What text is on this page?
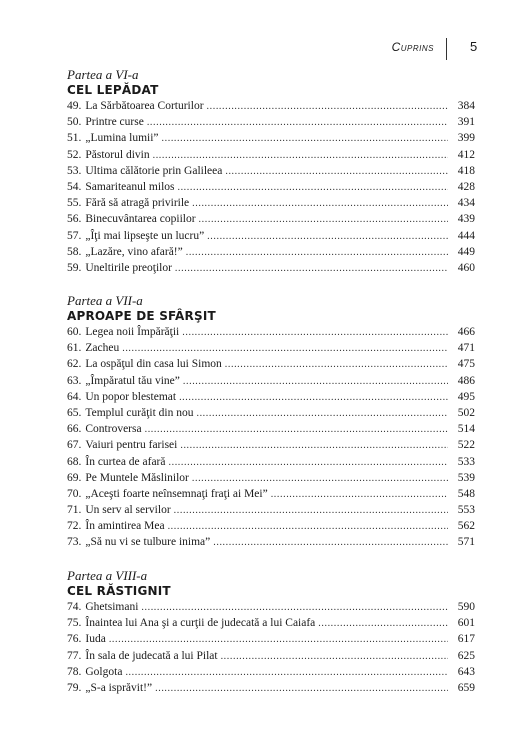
Cuprins	5
Partea a VI-a
CEL LEPĂDAT
49. La Sărbătoarea Corturilor .....	384
50. Printre curse .....	391
51. „Lumina lumii” .....	399
52. Păstorul divin .....	412
53. Ultima călătorie prin Galileea .....	418
54. Samariteanul milos .....	428
55. Fără să atragă privirile .....	434
56. Binecuvântarea copiilor .....	439
57. „Îţi mai lipseşte un lucru” .....	444
58. „Lazăre, vino afară!” .....	449
59. Uneltirile preoţilor .....	460
Partea a VII-a
APROAPE DE SFÂRŞIT
60. Legea noii Împărăţii .....	466
61. Zacheu .....	471
62. La ospăţul din casa lui Simon .....	475
63. „Împăratul tău vine” .....	486
64. Un popor blestemat .....	495
65. Templul curăţit din nou .....	502
66. Controversa .....	514
67. Vaiuri pentru farisei .....	522
68. În curtea de afară .....	533
69. Pe Muntele Măslinilor .....	539
70. „Aceşti foarte neînsemnaţi fraţi ai Mei” .....	548
71. Un serv al servilor .....	553
72. În amintirea Mea .....	562
73. „Să nu vi se tulbure inima” .....	571
Partea a VIII-a
CEL RĂSTIGNIT
74. Ghetsimani .....	590
75. Înaintea lui Ana şi a curţii de judecată a lui Caiafa .....	601
76. Iuda .....	617
77. În sala de judecată a lui Pilat .....	625
78. Golgota .....	643
79. „S-a isprăvit!” .....	659
